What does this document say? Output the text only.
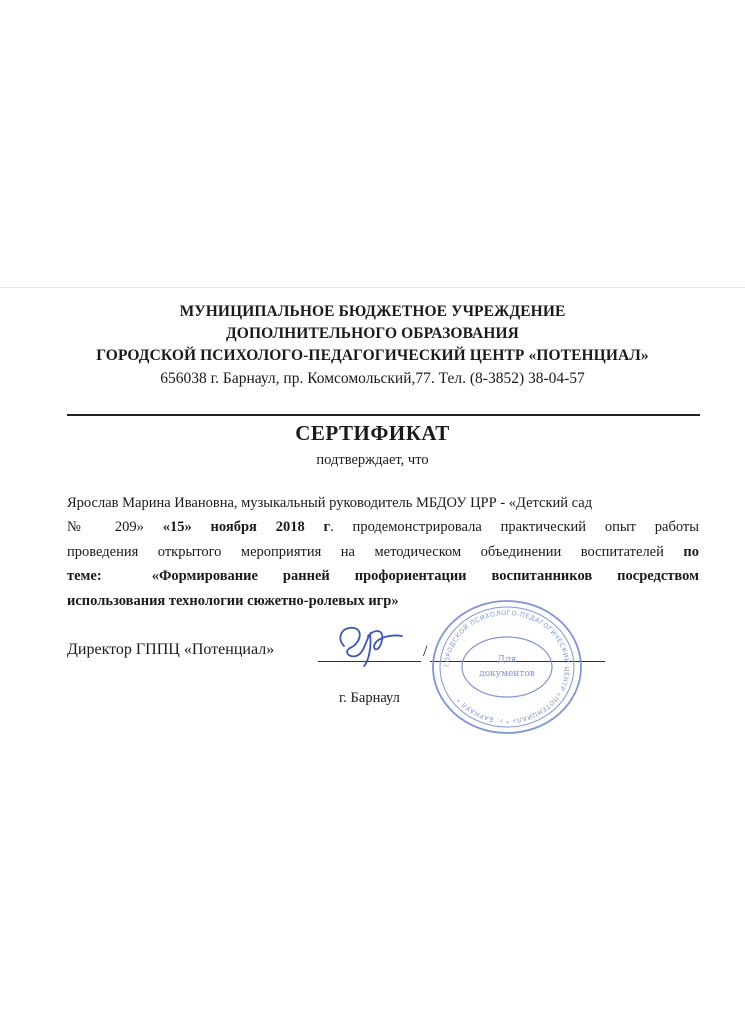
МУНИЦИПАЛЬНОЕ БЮДЖЕТНОЕ УЧРЕЖДЕНИЕ
ДОПОЛНИТЕЛЬНОГО ОБРАЗОВАНИЯ
ГОРОДСКОЙ ПСИХОЛОГО-ПЕДАГОГИЧЕСКИЙ ЦЕНТР «ПОТЕНЦИАЛ»
656038 г. Барнаул, пр. Комсомольский,77. Тел. (8-3852) 38-04-57
СЕРТИФИКАТ
подтверждает, что
Ярослав Марина Ивановна, музыкальный руководитель МБДОУ ЦРР - «Детский сад
№ 209» «15» ноября 2018 г. продемонстрировала практический опыт работы
проведения открытого мероприятия на методическом объединении воспитателей по
теме:	«Формирование ранней профориентации воспитанников посредством
использования технологии сюжетно-ролевых игр»
Директор ГППЦ «Потенциал»	/
ГОРОДСКОЙ ПСИХОЛОГО-ПЕДАГОГИЧЕСКИЙ ЦЕНТР «ПОТЕНЦИАЛ» * г. БАРНАУЛ *
Для
документов
г. Барнаул
